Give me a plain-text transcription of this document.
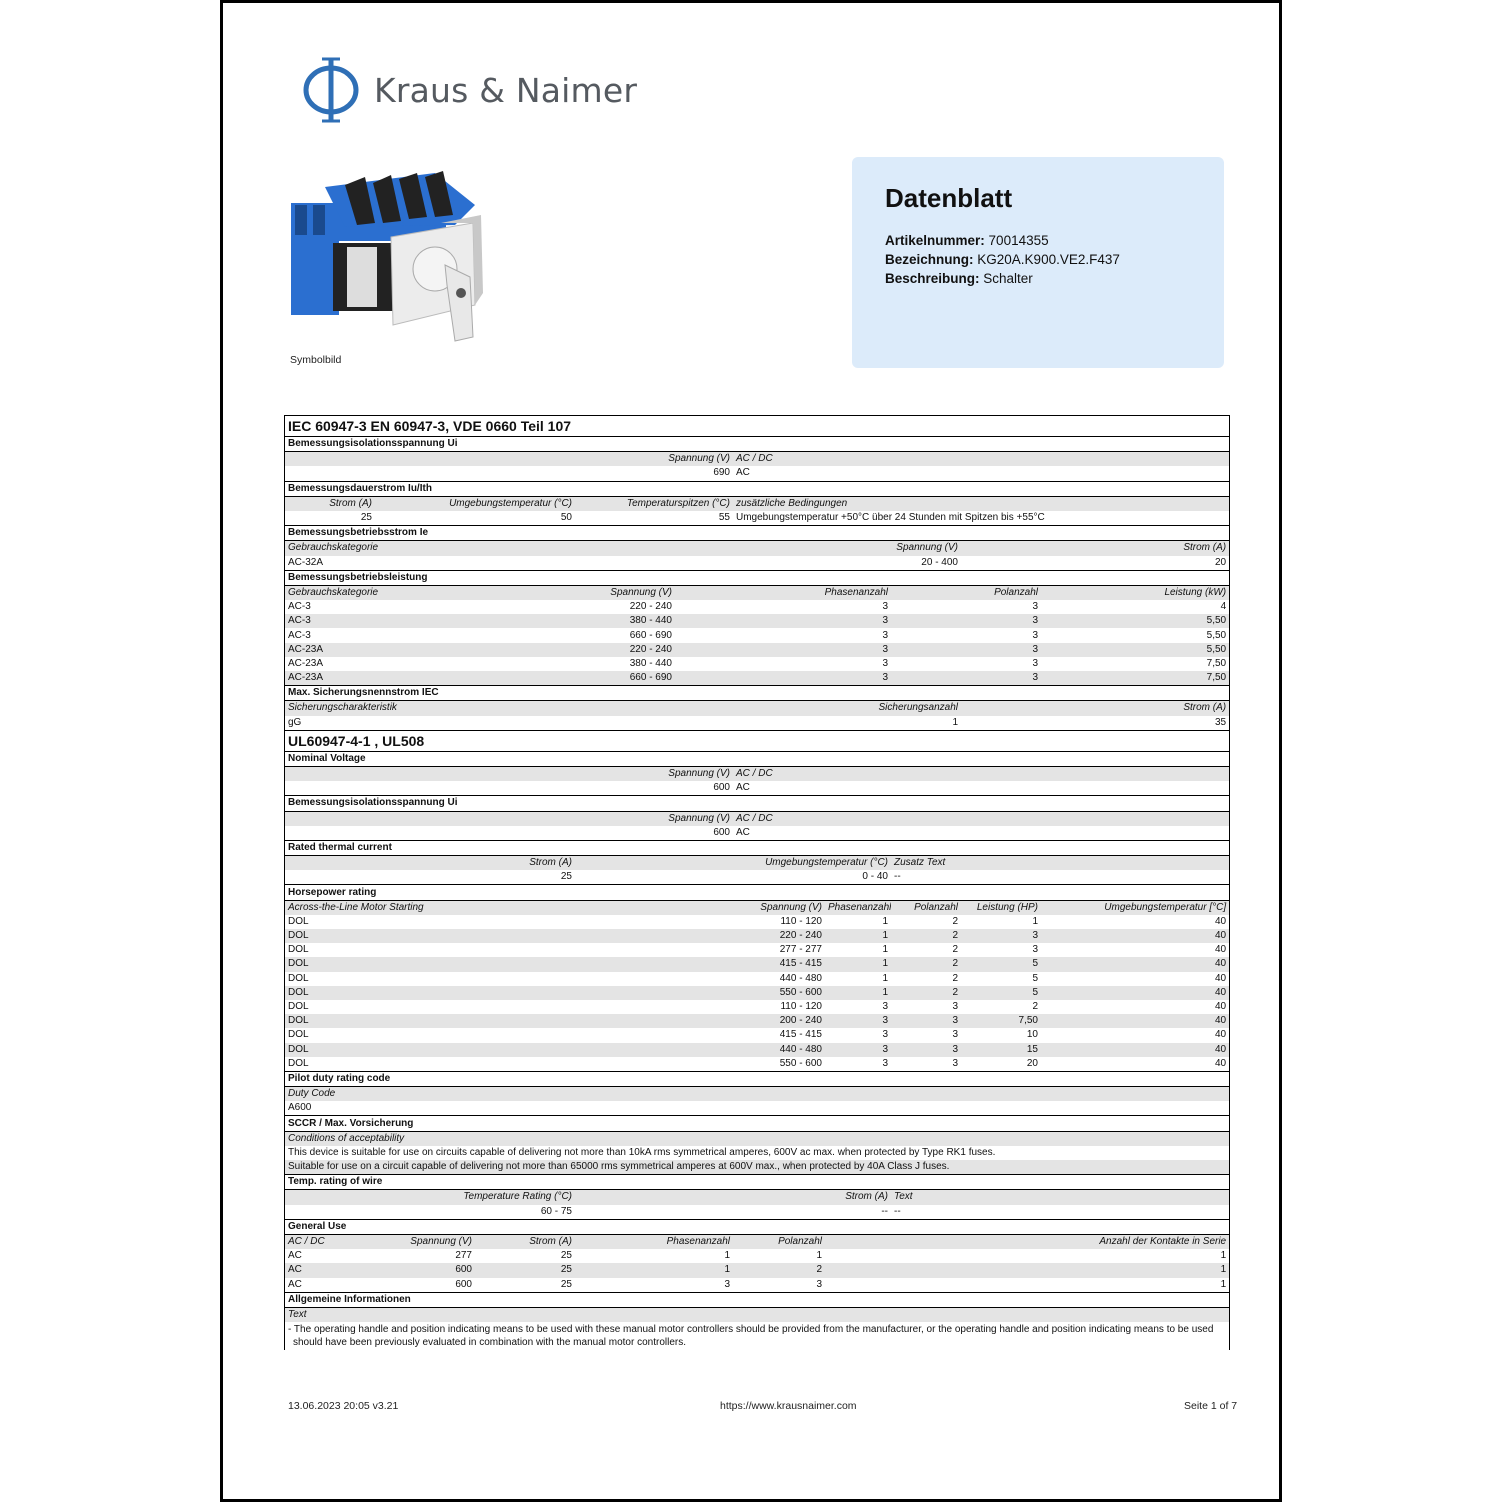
Kraus & Naimer
Symbolbild
Datenblatt
Artikelnummer: 70014355
Bezeichnung: KG20A.K900.VE2.F437
Beschreibung: Schalter
IEC 60947-3 EN 60947-3, VDE 0660 Teil 107									
Bemessungsisolationsspannung Ui									
Spannung (V)					AC / DC				
690					AC				
Bemessungsdauerstrom Iu/Ith									
Strom (A)	Umgebungstemperatur (°C)		Temperaturspitzen (°C)		zusätzliche Bedingungen				
25	50		55		Umgebungstemperatur +50°C über 24 Stunden mit Spitzen bis +55°C				
Bemessungsbetriebsstrom Ie									
Gebrauchskategorie				Spannung (V)				Strom (A)	
AC-32A				20 - 400				20	
Bemessungsbetriebsleistung									
Gebrauchskategorie		Spannung (V)		Phasenanzahl			Polanzahl		Leistung (kW)
AC-3		220 - 240		3			3		4
AC-3		380 - 440		3			3		5,50
AC-3		660 - 690		3			3		5,50
AC-23A		220 - 240		3			3		5,50
AC-23A		380 - 440		3			3		7,50
AC-23A		660 - 690		3			3		7,50
Max. Sicherungsnennstrom IEC									
Sicherungscharakteristik				Sicherungsanzahl				Strom (A)	
gG				1				35	
UL60947-4-1 , UL508									
Nominal Voltage									
Spannung (V)					AC / DC				
600					AC				
Bemessungsisolationsspannung Ui									
Spannung (V)					AC / DC				
600					AC				
Rated thermal current									
Strom (A)			Umgebungstemperatur (°C)				Zusatz Text		
25			0 - 40				--		
Horsepower rating									
Across-the-Line Motor Starting				Spannung (V)		Phasenanzahl	Polanzahl	Leistung (HP)	Umgebungstemperatur [°C]
DOL				110 - 120		1	2	1	40
DOL				220 - 240		1	2	3	40
DOL				277 - 277		1	2	3	40
DOL				415 - 415		1	2	5	40
DOL				440 - 480		1	2	5	40
DOL				550 - 600		1	2	5	40
DOL				110 - 120		3	3	2	40
DOL				200 - 240		3	3	7,50	40
DOL				415 - 415		3	3	10	40
DOL				440 - 480		3	3	15	40
DOL				550 - 600		3	3	20	40
Pilot duty rating code									
Duty Code									
A600									
SCCR / Max. Vorsicherung									
Conditions of acceptability									
This device is suitable for use on circuits capable of delivering not more than 10kA rms symmetrical amperes, 600V ac max. when protected by Type RK1 fuses.									
Suitable for use on a circuit capable of delivering not more than 65000 rms symmetrical amperes at 600V max., when protected by 40A Class J fuses.									
Temp. rating of wire									
Temperature Rating (°C)			Strom (A)				Text		
60 - 75			--				--		
General Use									
AC / DC	Spannung (V)	Strom (A)	Phasenanzahl		Polanzahl	Anzahl der Kontakte in Serie			
AC	277	25	1		1	1			
AC	600	25	1		2	1			
AC	600	25	3		3	1			
Allgemeine Informationen									
Text									
- The operating handle and position indicating means to be used with these manual motor controllers should be provided from the manufacturer, or the operating handle and position indicating means to be used should have been previously evaluated in combination with the manual motor controllers.									
13.06.2023 20:05 v3.21	https://www.krausnaimer.com	Seite 1 of 7
